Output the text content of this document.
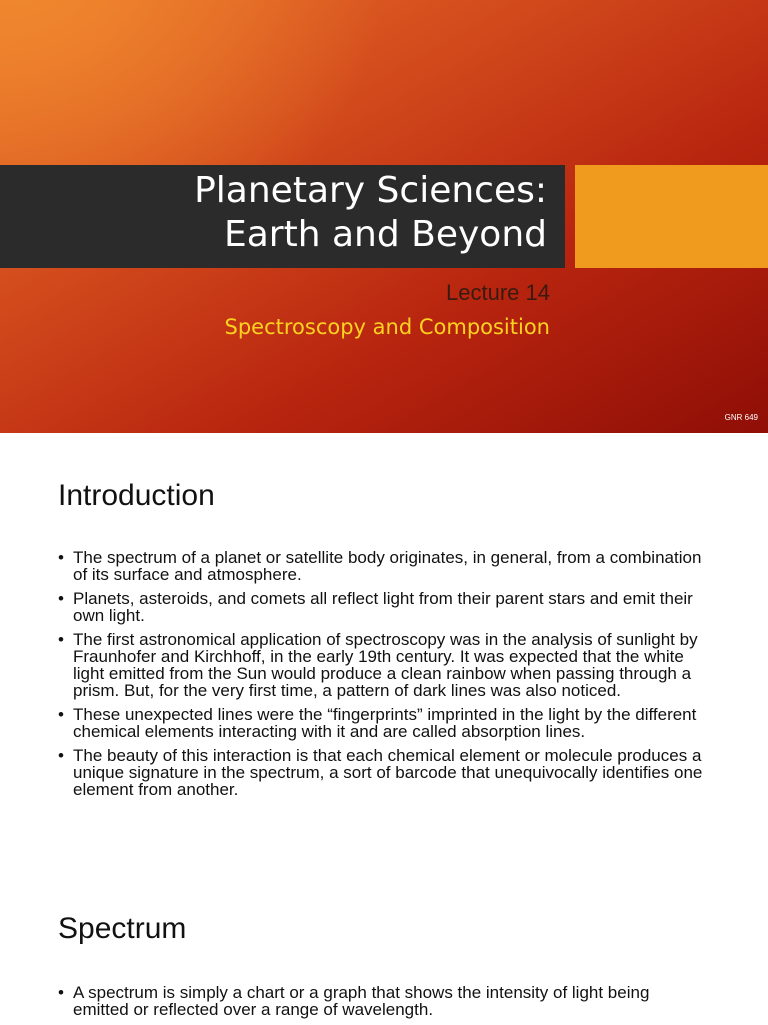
Planetary Sciences:
Earth and Beyond
Lecture 14
Spectroscopy and Composition
GNR 649
Introduction
• The spectrum of a planet or satellite body originates, in general, from a combination of its surface and atmosphere.
• Planets, asteroids, and comets all reflect light from their parent stars and emit their own light.
• The first astronomical application of spectroscopy was in the analysis of sunlight by Fraunhofer and Kirchhoff, in the early 19th century. It was expected that the white light emitted from the Sun would produce a clean rainbow when passing through a prism. But, for the very first time, a pattern of dark lines was also noticed.
• These unexpected lines were the “fingerprints” imprinted in the light by the different chemical elements interacting with it and are called absorption lines.
• The beauty of this interaction is that each chemical element or molecule produces a unique signature in the spectrum, a sort of barcode that unequivocally identifies one element from another.
Spectrum
• A spectrum is simply a chart or a graph that shows the intensity of light being emitted or reflected over a range of wavelength.
